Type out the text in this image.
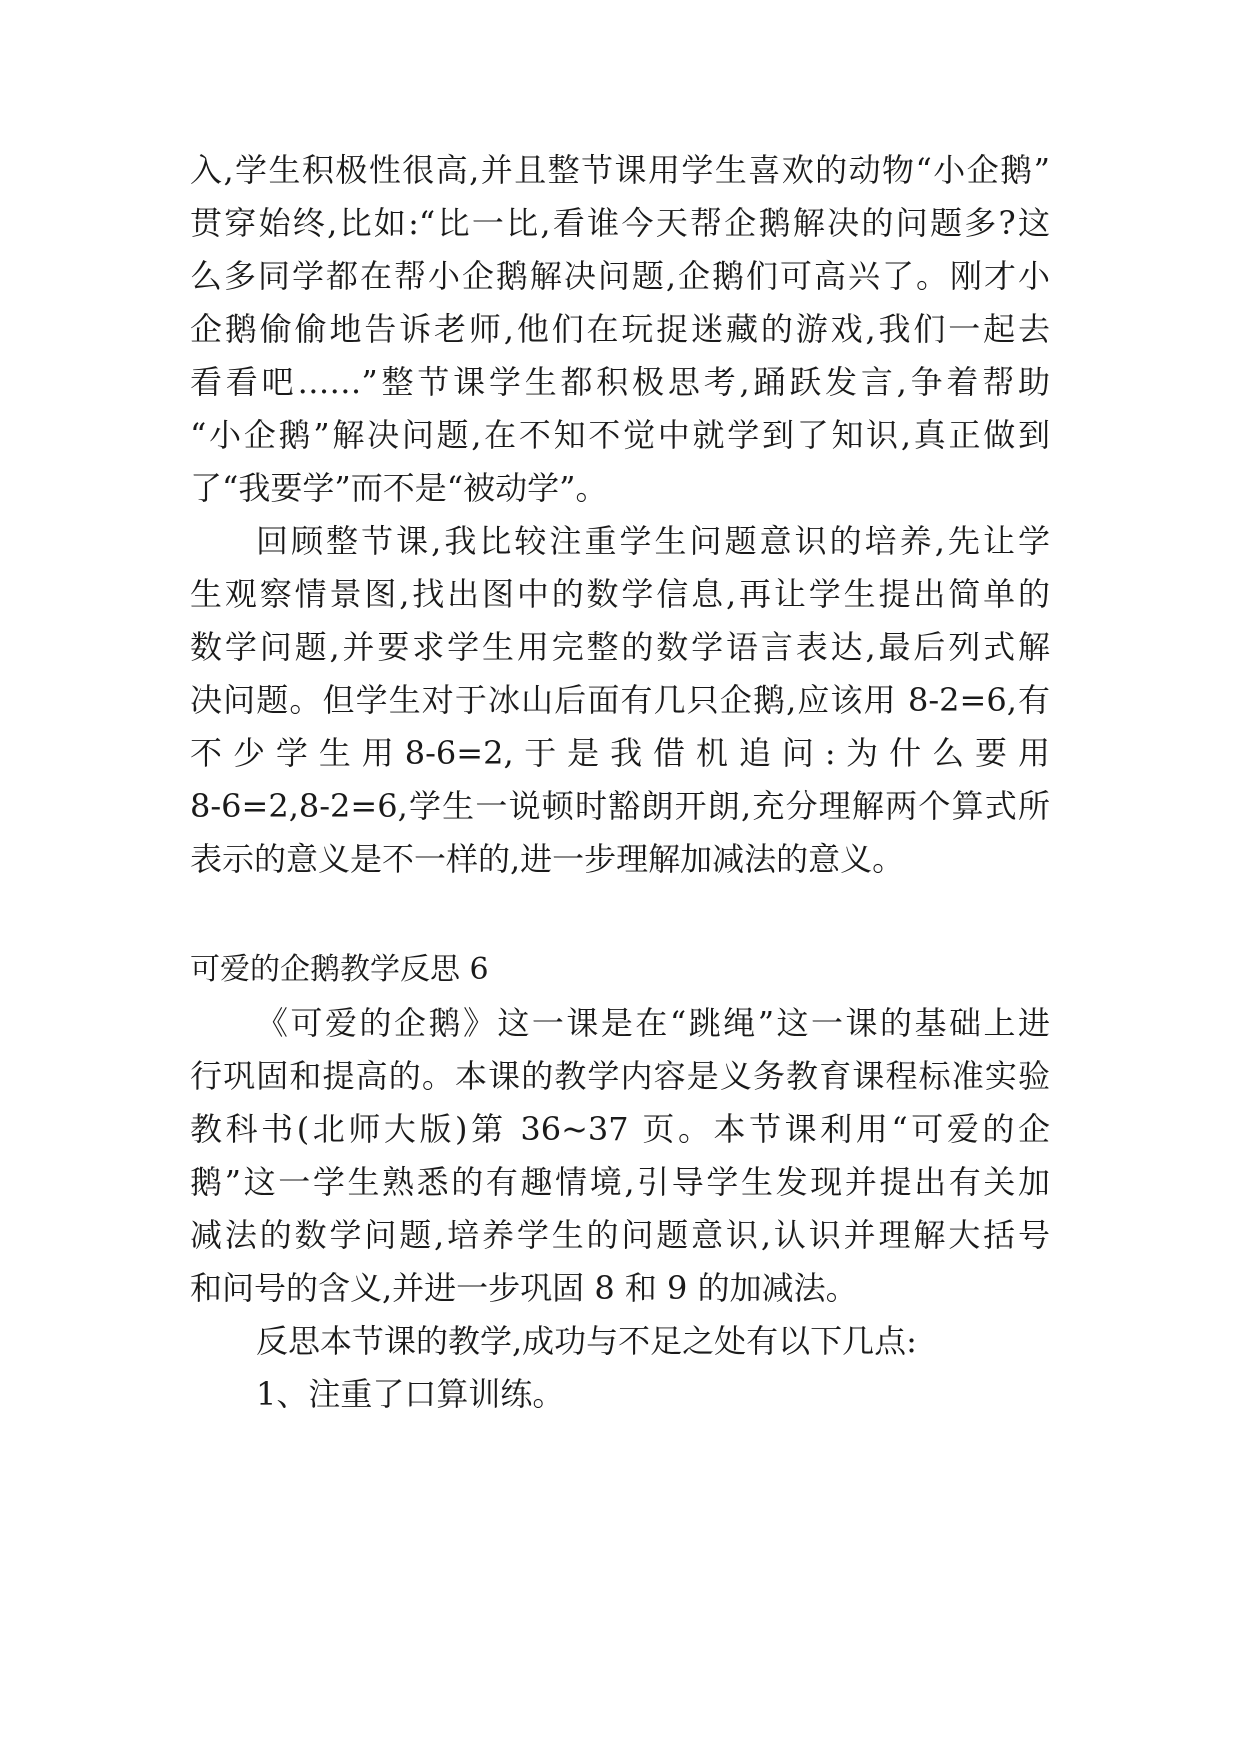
入,学生积极性很高,并且整节课用学生喜欢的动物“小企鹅”
贯穿始终,比如:“比一比,看谁今天帮企鹅解决的问题多?这
么多同学都在帮小企鹅解决问题,企鹅们可高兴了。刚才小
企鹅偷偷地告诉老师,他们在玩捉迷藏的游戏,我们一起去
看看吧……”整节课学生都积极思考,踊跃发言,争着帮助
“小企鹅”解决问题,在不知不觉中就学到了知识,真正做到
了“我要学”而不是“被动学”。
回顾整节课,我比较注重学生问题意识的培养,先让学
生观察情景图,找出图中的数学信息,再让学生提出简单的
数学问题,并要求学生用完整的数学语言表达,最后列式解
决问题。但学生对于冰山后面有几只企鹅,应该用 8-2=6,有
不 少 学 生 用 8-6=2, 于 是 我 借 机 追 问 : 为 什 么 要 用
8-6=2,8-2=6,学生一说顿时豁朗开朗,充分理解两个算式所
表示的意义是不一样的,进一步理解加减法的意义。
可爱的企鹅教学反思 6
《可爱的企鹅》这一课是在“跳绳”这一课的基础上进
行巩固和提高的。本课的教学内容是义务教育课程标准实验
教科书(北师大版)第 36~37 页。本节课利用“可爱的企
鹅”这一学生熟悉的有趣情境,引导学生发现并提出有关加
减法的数学问题,培养学生的问题意识,认识并理解大括号
和问号的含义,并进一步巩固 8 和 9 的加减法。
反思本节课的教学,成功与不足之处有以下几点:
1、注重了口算训练。
